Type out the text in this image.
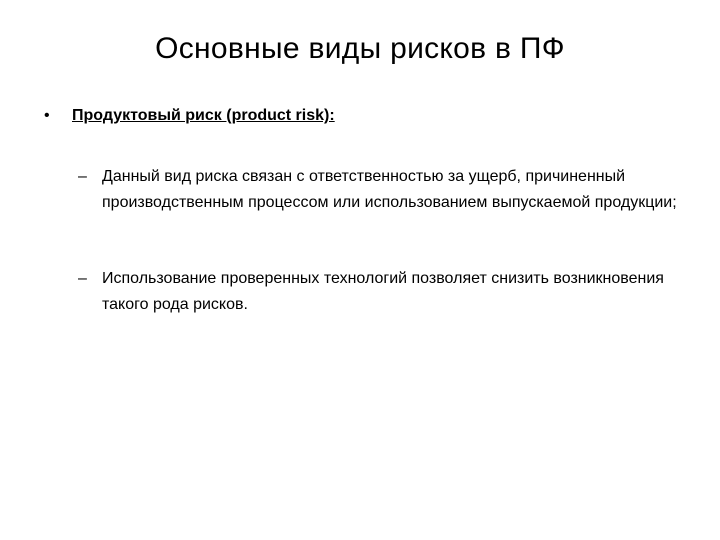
Основные виды рисков в ПФ
• Продуктовый риск (product risk):
– Данный вид риска связан с ответственностью за ущерб, причиненный производственным процессом или использованием выпускаемой продукции;
– Использование проверенных технологий позволяет снизить возникновения такого рода рисков.
